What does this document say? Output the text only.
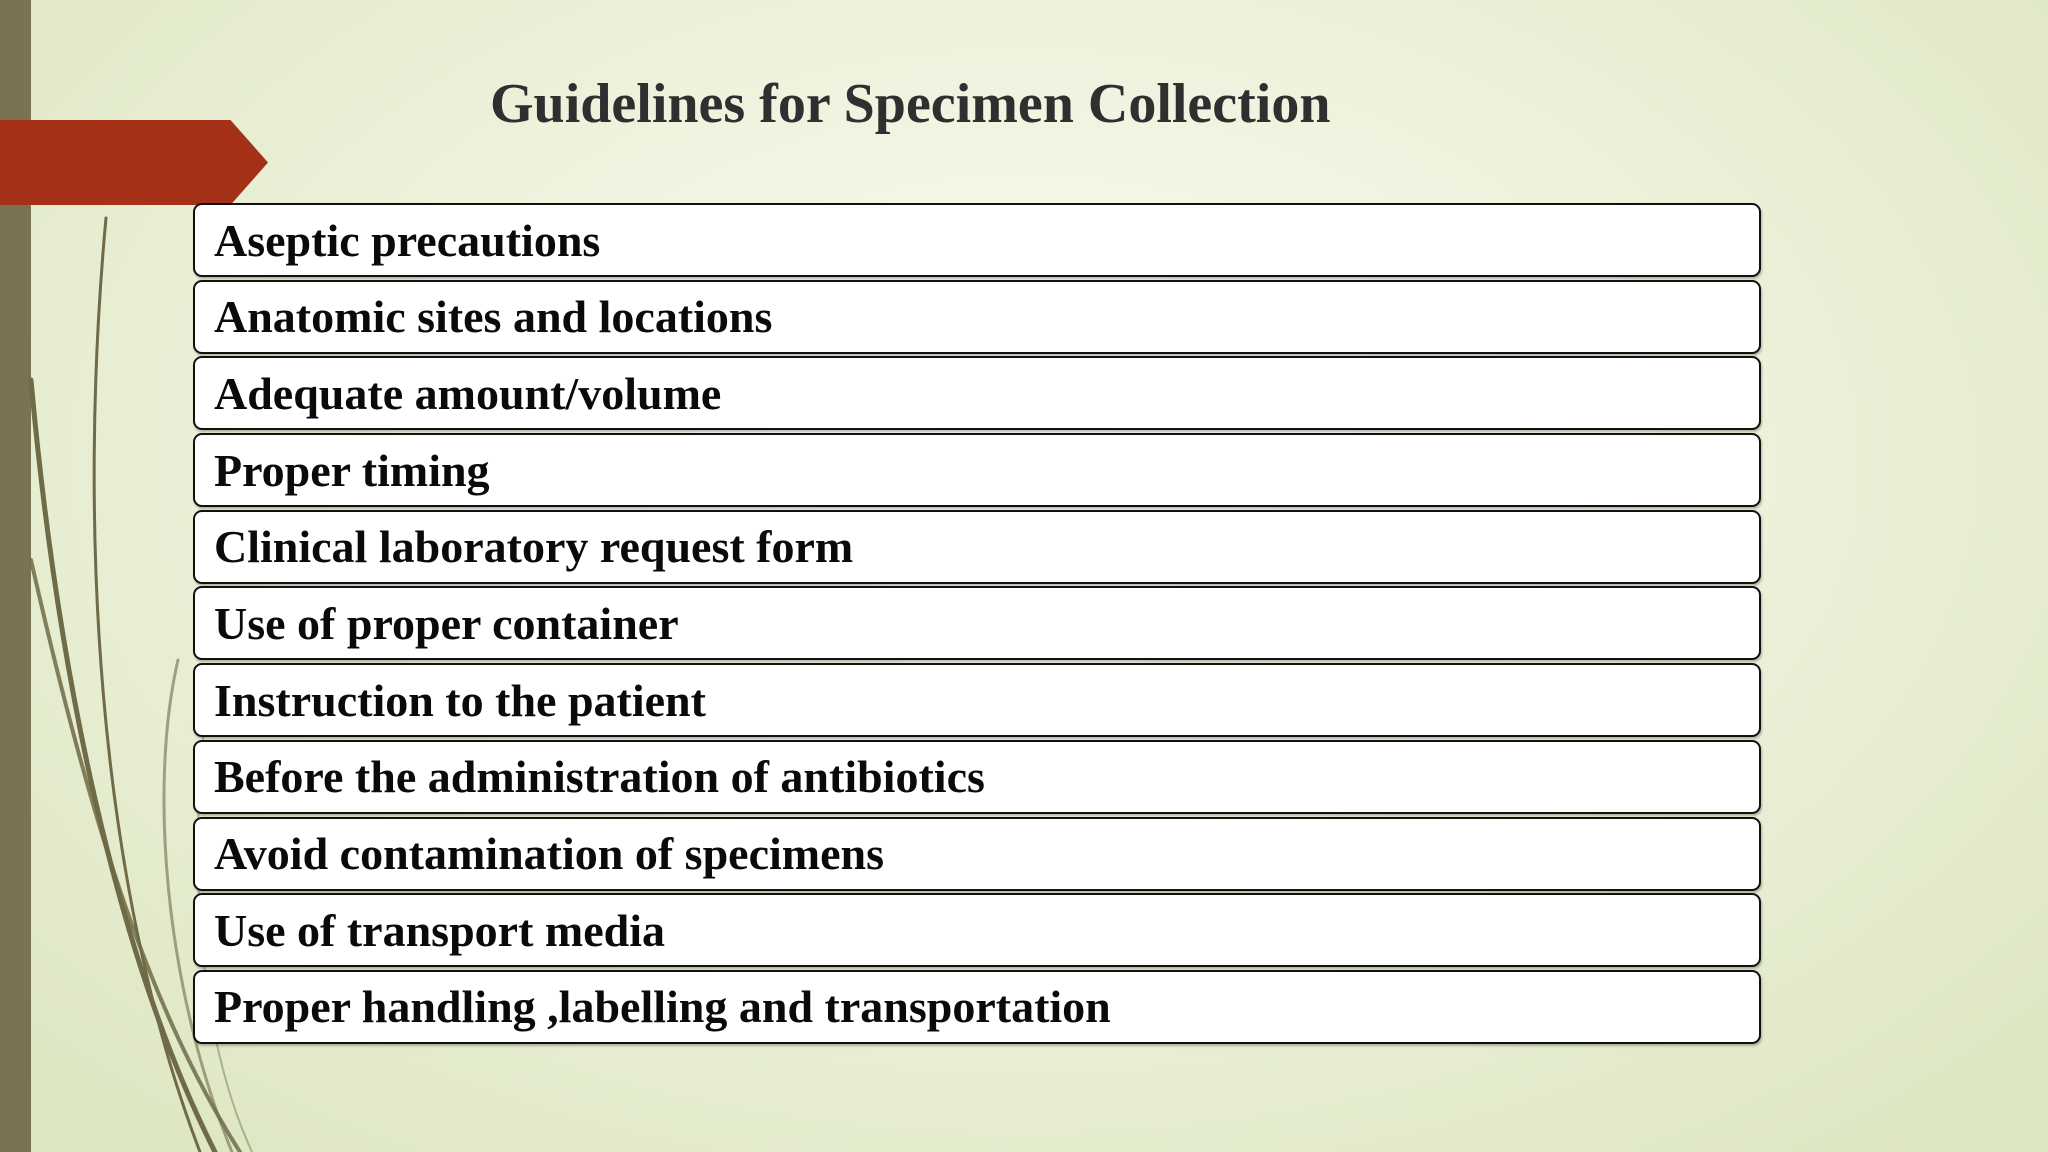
Guidelines for Specimen Collection
Aseptic precautions
Anatomic sites and locations
Adequate amount/volume
Proper timing
Clinical laboratory request form
Use of proper container
Instruction to the patient
Before the administration of antibiotics
Avoid contamination of specimens
Use of transport media
Proper handling ,labelling and transportation
